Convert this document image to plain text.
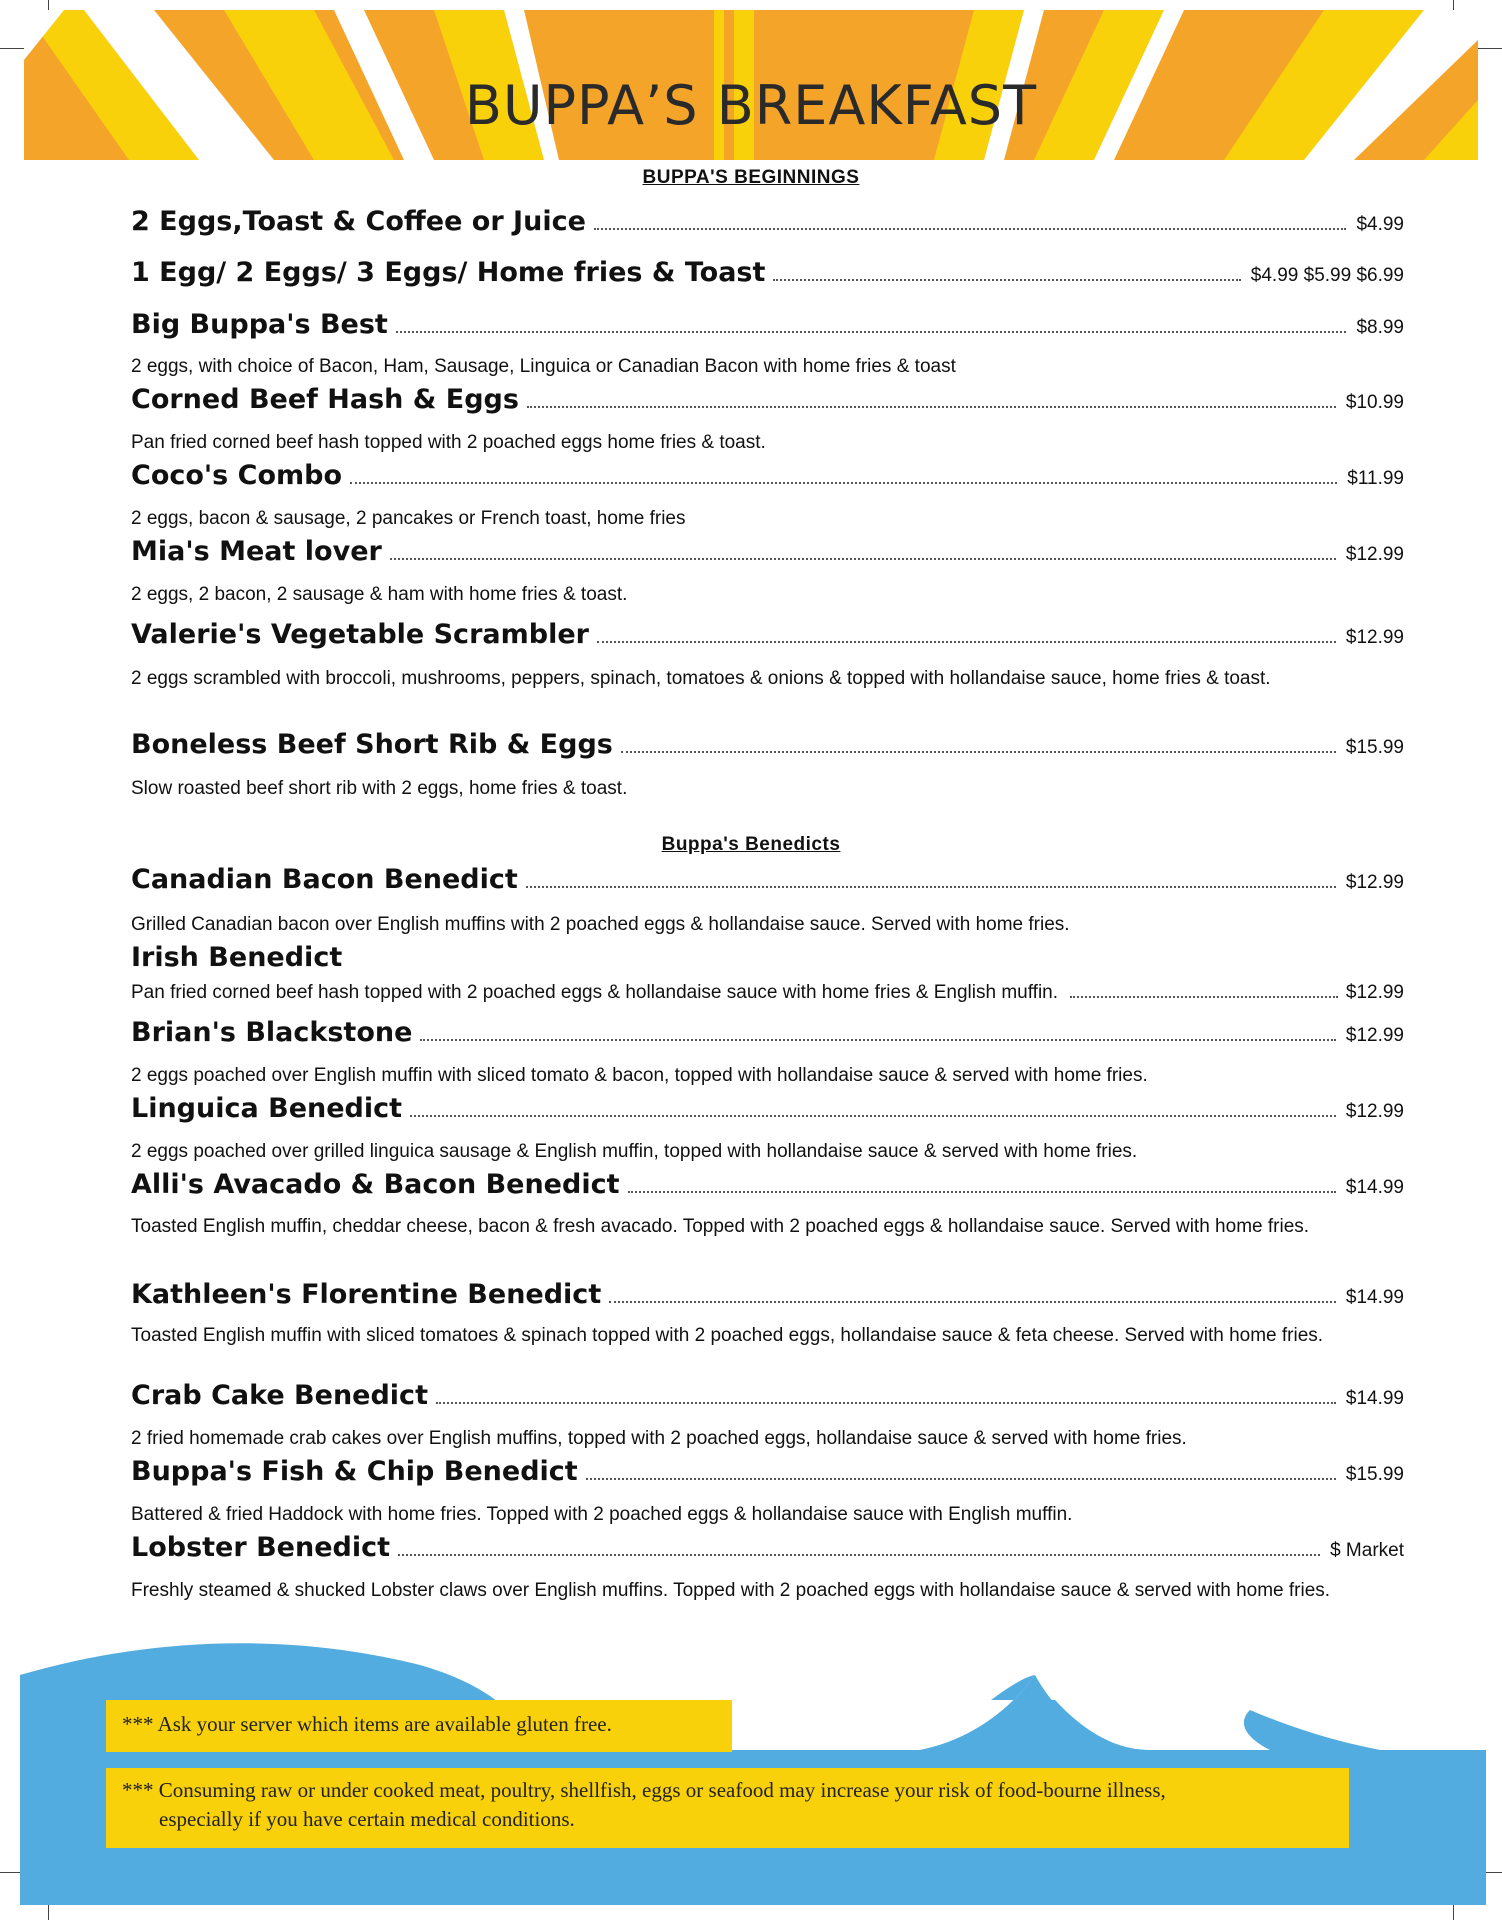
BUPPA’S BREAKFAST
BUPPA'S BEGINNINGS
2 Eggs,Toast & Coffee or Juice	$4.99
1 Egg/ 2 Eggs/ 3 Eggs/ Home fries & Toast	$4.99 $5.99 $6.99
Big Buppa's Best	$8.99
2 eggs, with choice of Bacon, Ham, Sausage, Linguica or Canadian Bacon with home fries & toast
Corned Beef Hash & Eggs	$10.99
Pan fried corned beef hash topped with 2 poached eggs home fries & toast.
Coco's Combo	$11.99
2 eggs, bacon & sausage, 2 pancakes or French toast, home fries
Mia's Meat lover	$12.99
2 eggs, 2 bacon, 2 sausage & ham with home fries & toast.
Valerie's Vegetable Scrambler	$12.99
2 eggs scrambled with broccoli, mushrooms, peppers, spinach, tomatoes & onions & topped with hollandaise sauce, home fries & toast.
Boneless Beef Short Rib & Eggs	$15.99
Slow roasted beef short rib with 2 eggs, home fries & toast.
Buppa's Benedicts
Canadian Bacon Benedict	$12.99
Grilled Canadian bacon over English muffins with 2 poached eggs & hollandaise sauce. Served with home fries.
Irish Benedict
Pan fried corned beef hash topped with 2 poached eggs & hollandaise sauce with home fries & English muffin.	$12.99
Brian's Blackstone	$12.99
2 eggs poached over English muffin with sliced tomato & bacon, topped with hollandaise sauce & served with home fries.
Linguica Benedict	$12.99
2 eggs poached over grilled linguica sausage & English muffin, topped with hollandaise sauce & served with home fries.
Alli's Avacado & Bacon Benedict	$14.99
Toasted English muffin, cheddar cheese, bacon & fresh avacado. Topped with 2 poached eggs & hollandaise sauce. Served with home fries.
Kathleen's Florentine Benedict	$14.99
Toasted English muffin with sliced tomatoes & spinach topped with 2 poached eggs, hollandaise sauce & feta cheese. Served with home fries.
Crab Cake Benedict	$14.99
2 fried homemade crab cakes over English muffins, topped with 2 poached eggs, hollandaise sauce & served with home fries.
Buppa's Fish & Chip Benedict	$15.99
Battered & fried Haddock with home fries. Topped with 2 poached eggs & hollandaise sauce with English muffin.
Lobster Benedict	$ Market
Freshly steamed & shucked Lobster claws over English muffins. Topped with 2 poached eggs with hollandaise sauce & served with home fries.
*** Ask your server which items are available gluten free.
*** Consuming raw or under cooked meat, poultry, shellfish, eggs or seafood may increase your risk of food-bourne illness,
especially if you have certain medical conditions.
